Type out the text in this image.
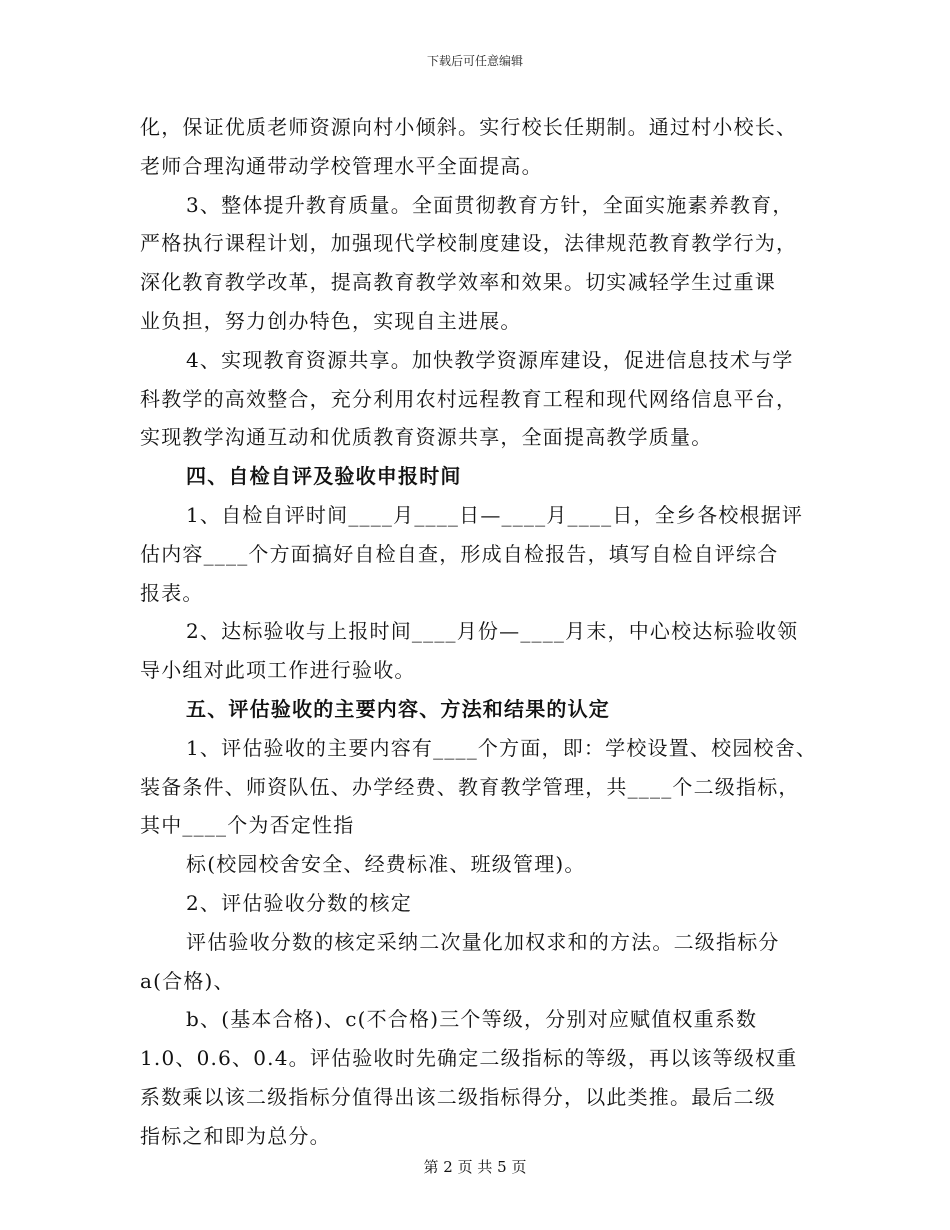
下载后可任意编辑
化，保证优质老师资源向村小倾斜。实行校长任期制。通过村小校长、
老师合理沟通带动学校管理水平全面提高。
3、整体提升教育质量。全面贯彻教育方针，全面实施素养教育，
严格执行课程计划，加强现代学校制度建设，法律规范教育教学行为，
深化教育教学改革，提高教育教学效率和效果。切实减轻学生过重课
业负担，努力创办特色，实现自主进展。
4、实现教育资源共享。加快教学资源库建设，促进信息技术与学
科教学的高效整合，充分利用农村远程教育工程和现代网络信息平台，
实现教学沟通互动和优质教育资源共享，全面提高教学质量。
四、自检自评及验收申报时间
1、自检自评时间____月____日—____月____日，全乡各校根据评
估内容____个方面搞好自检自查，形成自检报告，填写自检自评综合
报表。
2、达标验收与上报时间____月份—____月末，中心校达标验收领
导小组对此项工作进行验收。
五、评估验收的主要内容、方法和结果的认定
1、评估验收的主要内容有____个方面，即：学校设置、校园校舍、
装备条件、师资队伍、办学经费、教育教学管理，共____个二级指标，
其中____个为否定性指
标(校园校舍安全、经费标准、班级管理)。
2、评估验收分数的核定
评估验收分数的核定采纳二次量化加权求和的方法。二级指标分
a(合格)、
b、(基本合格)、c(不合格)三个等级，分别对应赋值权重系数
1.0、0.6、0.4。评估验收时先确定二级指标的等级，再以该等级权重
系数乘以该二级指标分值得出该二级指标得分，以此类推。最后二级
指标之和即为总分。
第 2 页 共 5 页
